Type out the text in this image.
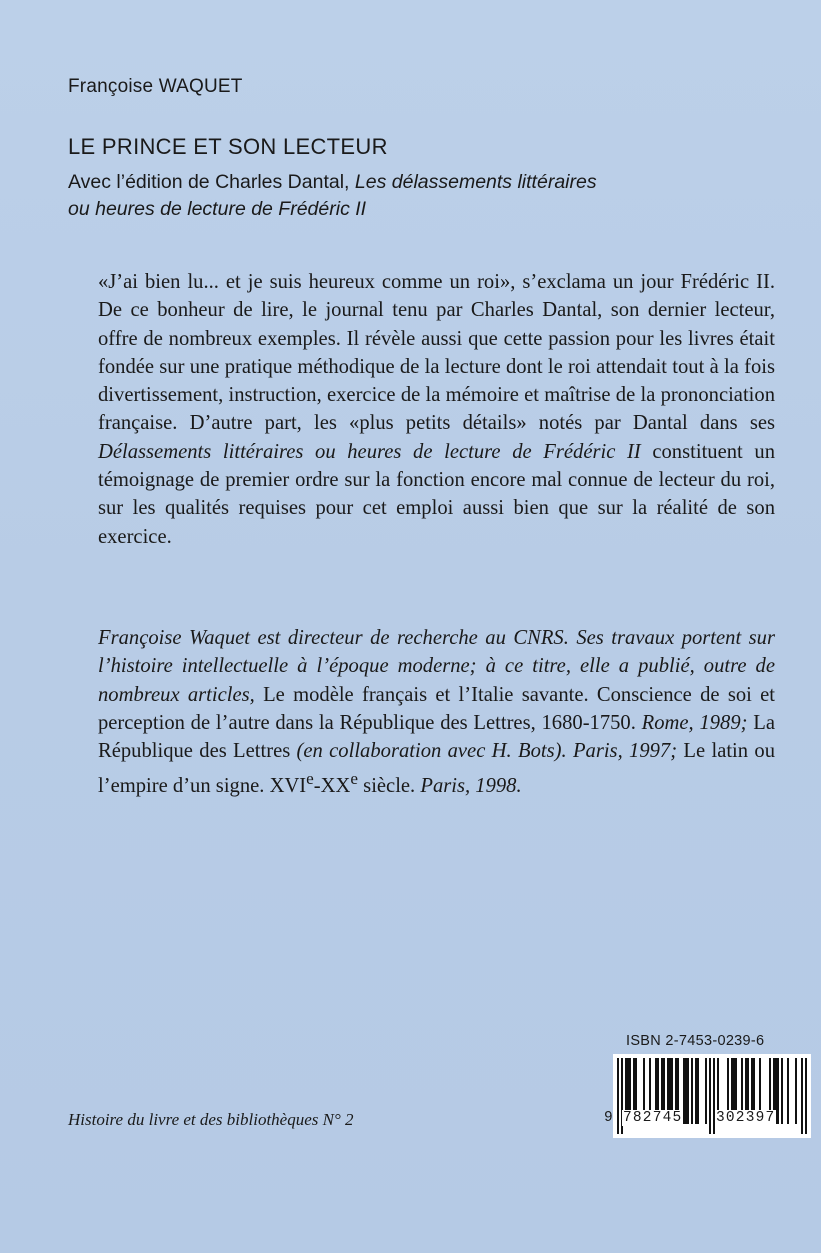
Françoise WAQUET
LE PRINCE ET SON LECTEUR
Avec l’édition de Charles Dantal, Les délassements littéraires
ou heures de lecture de Frédéric II
«J’ai bien lu... et je suis heureux comme un roi», s’exclama un jour Frédéric II. De ce bonheur de lire, le journal tenu par Charles Dantal, son dernier lecteur, offre de nombreux exemples. Il révèle aussi que cette passion pour les livres était fondée sur une pratique méthodique de la lecture dont le roi attendait tout à la fois divertissement, instruction, exercice de la mémoire et maîtrise de la prononciation française. D’autre part, les «plus petits détails» notés par Dantal dans ses Délassements littéraires ou heures de lecture de Frédéric II constituent un témoignage de premier ordre sur la fonction encore mal connue de lecteur du roi, sur les qualités requises pour cet emploi aussi bien que sur la réalité de son exercice.
Françoise Waquet est directeur de recherche au CNRS. Ses travaux portent sur l’histoire intellectuelle à l’époque moderne; à ce titre, elle a publié, outre de nombreux articles, Le modèle français et l’Italie savante. Conscience de soi et perception de l’autre dans la République des Lettres, 1680-1750. Rome, 1989; La République des Lettres (en collaboration avec H. Bots). Paris, 1997; Le latin ou l’empire d’un signe. XVIe-XXe siècle. Paris, 1998.
Histoire du livre et des bibliothèques N° 2
ISBN 2-7453-0239-6
9 782745 302397
